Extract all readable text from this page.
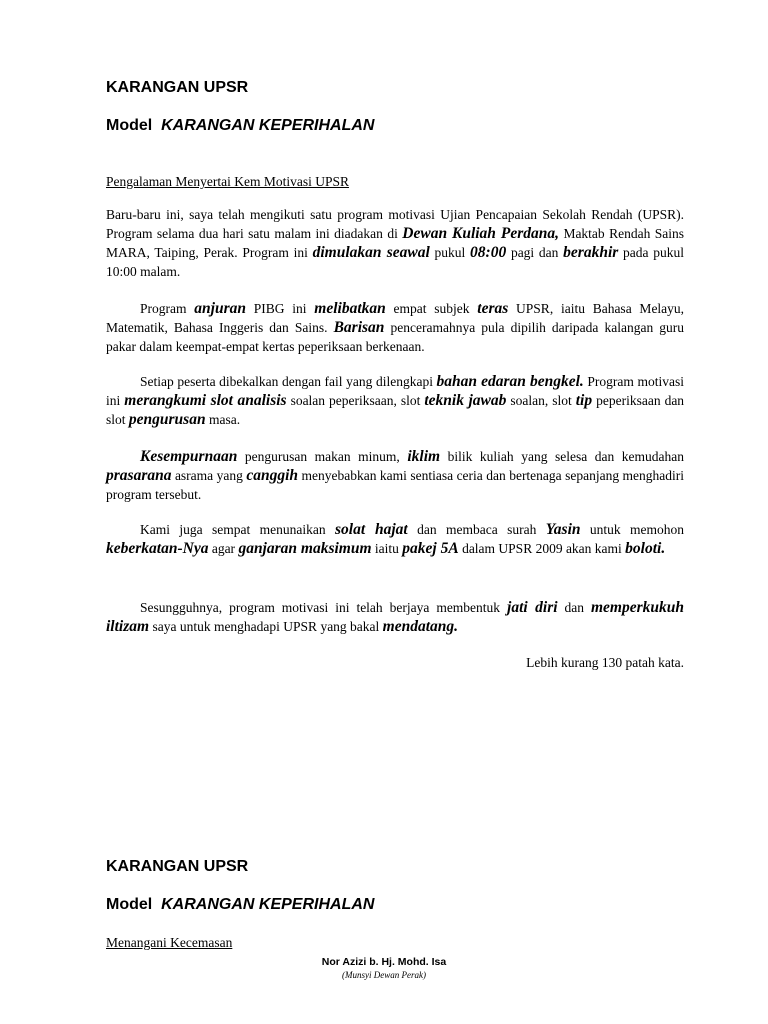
KARANGAN UPSR
Model KARANGAN KEPERIHALAN
Pengalaman Menyertai Kem Motivasi UPSR
Baru-baru ini, saya telah mengikuti satu program motivasi Ujian Pencapaian Sekolah Rendah (UPSR). Program selama dua hari satu malam ini diadakan di Dewan Kuliah Perdana, Maktab Rendah Sains MARA, Taiping, Perak. Program ini dimulakan seawal pukul 08:00 pagi dan berakhir pada pukul 10:00 malam.
Program anjuran PIBG ini melibatkan empat subjek teras UPSR, iaitu Bahasa Melayu, Matematik, Bahasa Inggeris dan Sains. Barisan penceramahnya pula dipilih daripada kalangan guru pakar dalam keempat-empat kertas peperiksaan berkenaan.
Setiap peserta dibekalkan dengan fail yang dilengkapi bahan edaran bengkel. Program motivasi ini merangkumi slot analisis soalan peperiksaan, slot teknik jawab soalan, slot tip peperiksaan dan slot pengurusan masa.
Kesempurnaan pengurusan makan minum, iklim bilik kuliah yang selesa dan kemudahan prasarana asrama yang canggih menyebabkan kami sentiasa ceria dan bertenaga sepanjang menghadiri program tersebut.
Kami juga sempat menunaikan solat hajat dan membaca surah Yasin untuk memohon keberkatan-Nya agar ganjaran maksimum iaitu pakej 5A dalam UPSR 2009 akan kami boloti.
Sesungguhnya, program motivasi ini telah berjaya membentuk jati diri dan memperkukuh iltizam saya untuk menghadapi UPSR yang bakal mendatang.
Lebih kurang 130 patah kata.
KARANGAN UPSR
Model KARANGAN KEPERIHALAN
Menangani Kecemasan
Nor Azizi b. Hj. Mohd. Isa
(Munsyi Dewan Perak)
